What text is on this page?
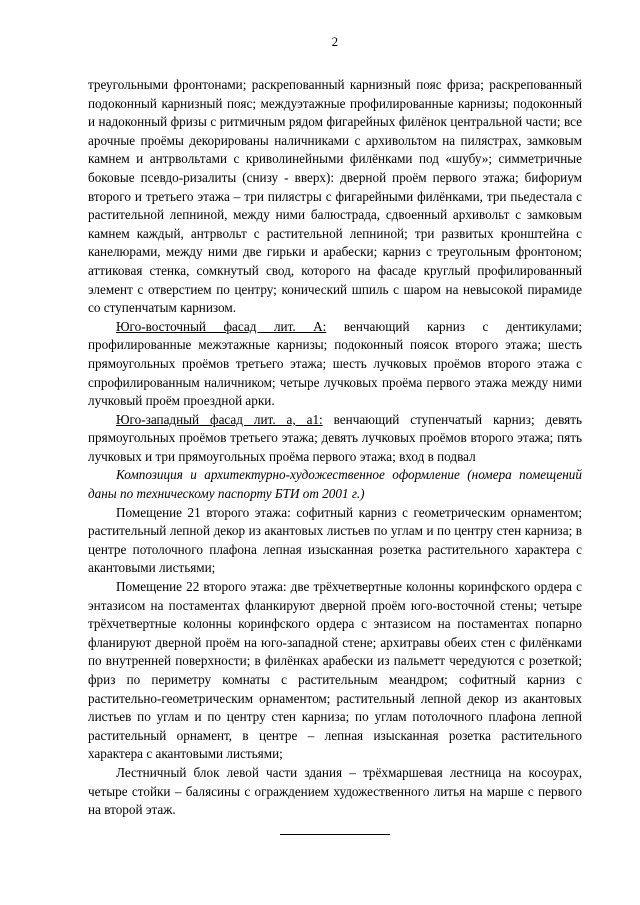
2

треугольными фронтонами; раскрепованный карнизный пояс фриза; раскрепованный подоконный карнизный пояс; междуэтажные профилированные карнизы; подоконный и надоконный фризы с ритмичным рядом фигарейных филёнок центральной части; все арочные проёмы декорированы наличниками с архивольтом на пилястрах, замковым камнем и антрвольтами с криволинейными филёнками под «шубу»; симметричные боковые псевдо-ризалиты (снизу - вверх): дверной проём первого этажа; бифориум второго и третьего этажа – три пилястры с фигарейными филёнками, три пьедестала с растительной лепниной, между ними балюстрада, сдвоенный архивольт с замковым камнем каждый, антрвольт с растительной лепниной; три развитых кронштейна с канелюрами, между ними две гирьки и арабески; карниз с треугольным фронтоном; аттиковая стенка, сомкнутый свод, которого на фасаде круглый профилированный элемент с отверстием по центру; конический шпиль с шаром на невысокой пирамиде со ступенчатым карнизом.

Юго-восточный фасад лит. А: венчающий карниз с дентикулами; профилированные межэтажные карнизы; подоконный поясок второго этажа; шесть прямоугольных проёмов третьего этажа; шесть лучковых проёмов второго этажа с спрофилированным наличником; четыре лучковых проёма первого этажа между ними лучковый проём проездной арки.

Юго-западный фасад лит. а, а1: венчающий ступенчатый карниз; девять прямоугольных проёмов третьего этажа; девять лучковых проёмов второго этажа; пять лучковых и три прямоугольных проёма первого этажа; вход в подвал

Композиция и архитектурно-художественное оформление (номера помещений даны по техническому паспорту БТИ от 2001 г.)

Помещение 21 второго этажа: софитный карниз с геометрическим орнаментом; растительный лепной декор из акантовых листьев по углам и по центру стен карниза; в центре потолочного плафона лепная изысканная розетка растительного характера с акантовыми листьями;

Помещение 22 второго этажа: две трёхчетвертные колонны коринфского ордера с энтазисом на постаментах фланкируют дверной проём юго-восточной стены; четыре трёхчетвертные колонны коринфского ордера с энтазисом на постаментах попарно фланируют дверной проём на юго-западной стене; архитравы обеих стен с филёнками по внутренней поверхности; в филёнках арабески из пальметт чередуются с розеткой; фриз по периметру комнаты с растительным меандром; софитный карниз с растительно-геометрическим орнаментом; растительный лепной декор из акантовых листьев по углам и по центру стен карниза; по углам потолочного плафона лепной растительный орнамент, в центре – лепная изысканная розетка растительного характера с акантовыми листьями;

Лестничный блок левой части здания – трёхмаршевая лестница на косоурах, четыре стойки – балясины с ограждением художественного литья на марше с первого на второй этаж.
